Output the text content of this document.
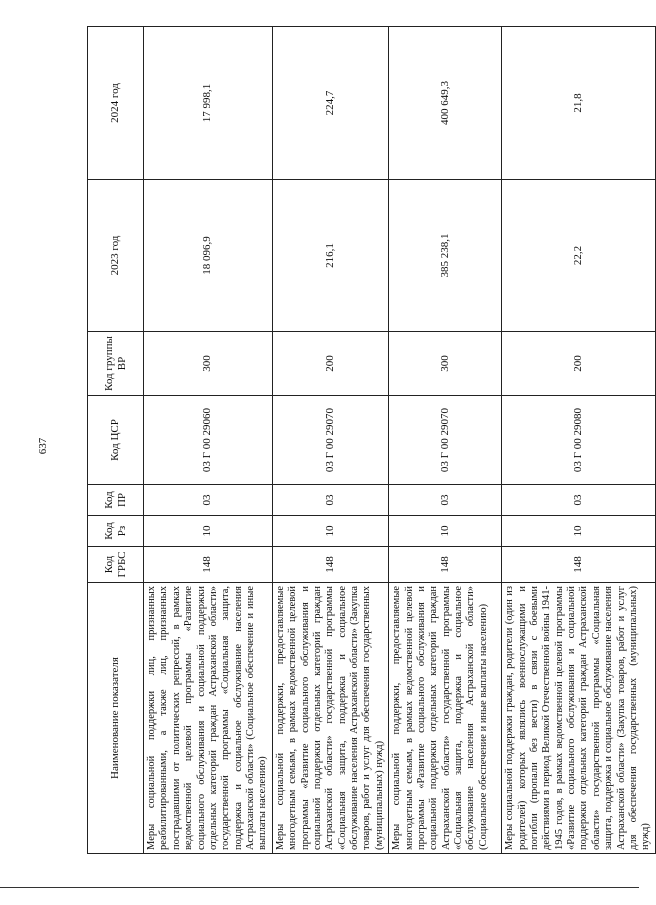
637
Наименование показателя	Код ГРБС	Код Рз	Код ПР	Код ЦСР	Код группы ВР	2023 год	2024 год
Меры социальной поддержки лиц, признанных реабилитированными, а также лиц, признанных пострадавшими от политических репрессий, в рамках ведомственной целевой программы «Развитие социального обслуживания и социальной поддержки отдельных категорий граждан Астраханской области» государственной программы «Социальная защита, поддержка и социальное обслуживание населения Астраханской области» (Социальное обеспечение и иные выплаты населению)	148	10	03	03 Г 00 29060	300	18 096,9	17 998,1
Меры социальной поддержки, предоставляемые многодетным семьям, в рамках ведомственной целевой программы «Развитие социального обслуживания и социальной поддержки отдельных категорий граждан Астраханской области» государственной программы «Социальная защита, поддержка и социальное обслуживание населения Астраханской области» (Закупка товаров, работ и услуг для обеспечения государственных (муниципальных) нужд)	148	10	03	03 Г 00 29070	200	216,1	224,7
Меры социальной поддержки, предоставляемые многодетным семьям, в рамках ведомственной целевой программы «Развитие социального обслуживания и социальной поддержки отдельных категорий граждан Астраханской области» государственной программы «Социальная защита, поддержка и социальное обслуживание населения Астраханской области» (Социальное обеспечение и иные выплаты населению)	148	10	03	03 Г 00 29070	300	385 238,1	400 649,3
Меры социальной поддержки граждан, родители (один из родителей) которых являлись военнослужащими и погибли (пропали без вести) в связи с боевыми действиями в период Великой Отечественной войны 1941-1945 годов, в рамках ведомственной целевой программы «Развитие социального обслуживания и социальной поддержки отдельных категорий граждан Астраханской области» государственной программы «Социальная защита, поддержка и социальное обслуживание населения Астраханской области» (Закупка товаров, работ и услуг для обеспечения государственных (муниципальных) нужд)	148	10	03	03 Г 00 29080	200	22,2	21,8
